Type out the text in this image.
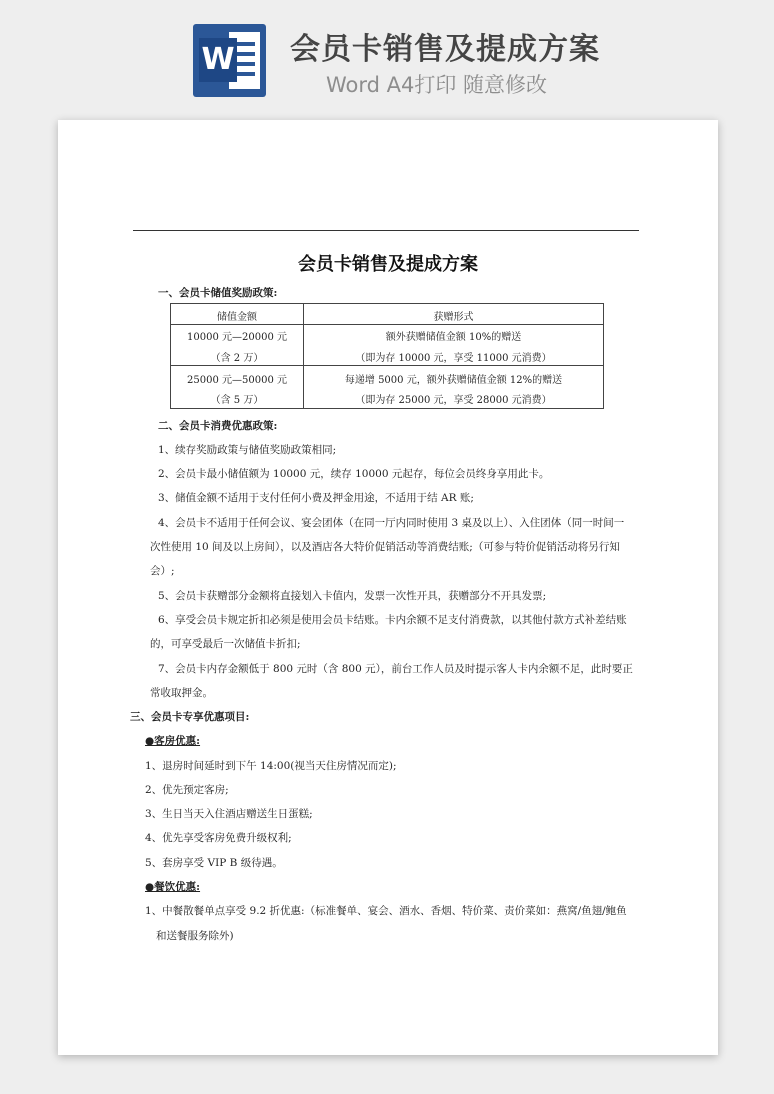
W 会员卡销售及提成方案
Word A4打印 随意修改
会员卡销售及提成方案
一、会员卡储值奖励政策:
储值金额	获赠形式
10000 元—20000 元
（含 2 万）
额外获赠储值金额 10%的赠送
（即为存 10000 元，享受 11000 元消费）
25000 元—50000 元
（含 5 万）
每递增 5000 元，额外获赠储值金额 12%的赠送
（即为存 25000 元，享受 28000 元消费）
二、会员卡消费优惠政策:
1、续存奖励政策与储值奖励政策相同;
2、会员卡最小储值额为 10000 元，续存 10000 元起存，每位会员终身享用此卡。
3、储值金额不适用于支付任何小费及押金用途，不适用于结 AR 账;
4、会员卡不适用于任何会议、宴会团体（在同一厅内同时使用 3 桌及以上）、入住团体（同一时间一
次性使用 10 间及以上房间），以及酒店各大特价促销活动等消费结账;（可参与特价促销活动将另行知
会）;
5、会员卡获赠部分金额将直接划入卡值内，发票一次性开具，获赠部分不开具发票;
6、享受会员卡规定折扣必须是使用会员卡结账。卡内余额不足支付消费款，以其他付款方式补差结账
的，可享受最后一次储值卡折扣;
7、会员卡内存金额低于 800 元时（含 800 元），前台工作人员及时提示客人卡内余额不足，此时要正
常收取押金。
三、会员卡专享优惠项目:
●客房优惠:
1、退房时间延时到下午 14:00(视当天住房情况而定);
2、优先预定客房;
3、生日当天入住酒店赠送生日蛋糕;
4、优先享受客房免费升级权利;
5、套房享受 VIP B 级待遇。
●餐饮优惠:
1、中餐散餐单点享受 9.2 折优惠:（标准餐单、宴会、酒水、香烟、特价菜、责价菜如：燕窝/鱼翅/鲍鱼
和送餐服务除外)
